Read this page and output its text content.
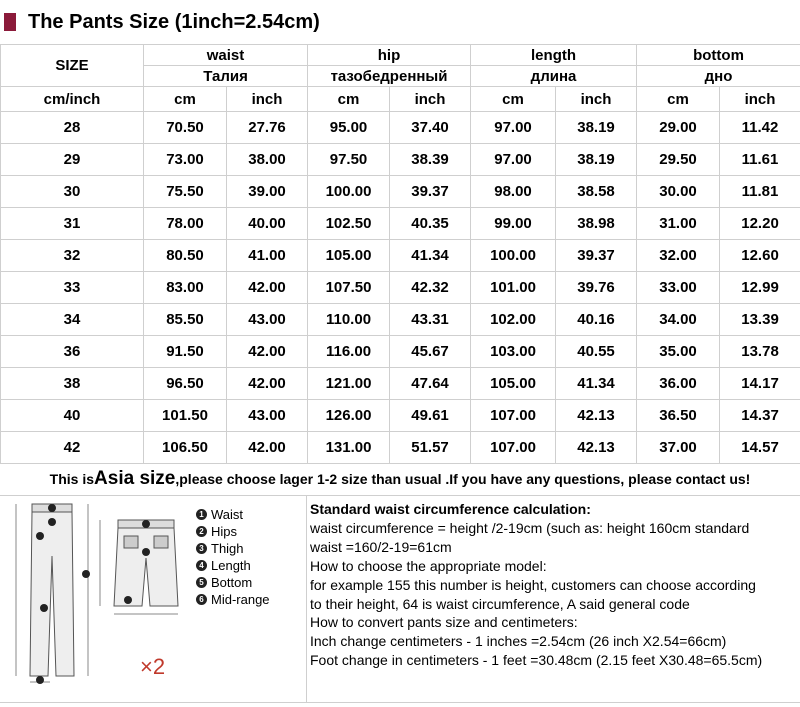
The Pants Size (1inch=2.54cm)
SIZE	waist		hip		length		bottom	
	Талия		тазобедренный		длина		дно	
cm/inch	cm	inch	cm	inch	cm	inch	cm	inch
28	70.50	27.76	95.00	37.40	97.00	38.19	29.00	11.42
29	73.00	38.00	97.50	38.39	97.00	38.19	29.50	11.61
30	75.50	39.00	100.00	39.37	98.00	38.58	30.00	11.81
31	78.00	40.00	102.50	40.35	99.00	38.98	31.00	12.20
32	80.50	41.00	105.00	41.34	100.00	39.37	32.00	12.60
33	83.00	42.00	107.50	42.32	101.00	39.76	33.00	12.99
34	85.50	43.00	110.00	43.31	102.00	40.16	34.00	13.39
36	91.50	42.00	116.00	45.67	103.00	40.55	35.00	13.78
38	96.50	42.00	121.00	47.64	105.00	41.34	36.00	14.17
40	101.50	43.00	126.00	49.61	107.00	42.13	36.50	14.37
42	106.50	42.00	131.00	51.57	107.00	42.13	37.00	14.57
This is Asia size ,please choose lager 1-2 size than usual .If you have any questions, please contact us!
1 Waist
2 Hips
3 Thigh
4 Length
5 Bottom
6 Mid-range
×2
Standard waist circumference calculation:
waist circumference = height /2-19cm (such as: height 160cm standard
waist =160/2-19=61cm
How to choose the appropriate model:
for example 155 this number is height, customers can choose according
to their height, 64 is waist circumference, A said general code
How to convert pants size and centimeters:
Inch change centimeters - 1 inches =2.54cm (26 inch X2.54=66cm)
Foot change in centimeters - 1 feet =30.48cm (2.15 feet X30.48=65.5cm)
